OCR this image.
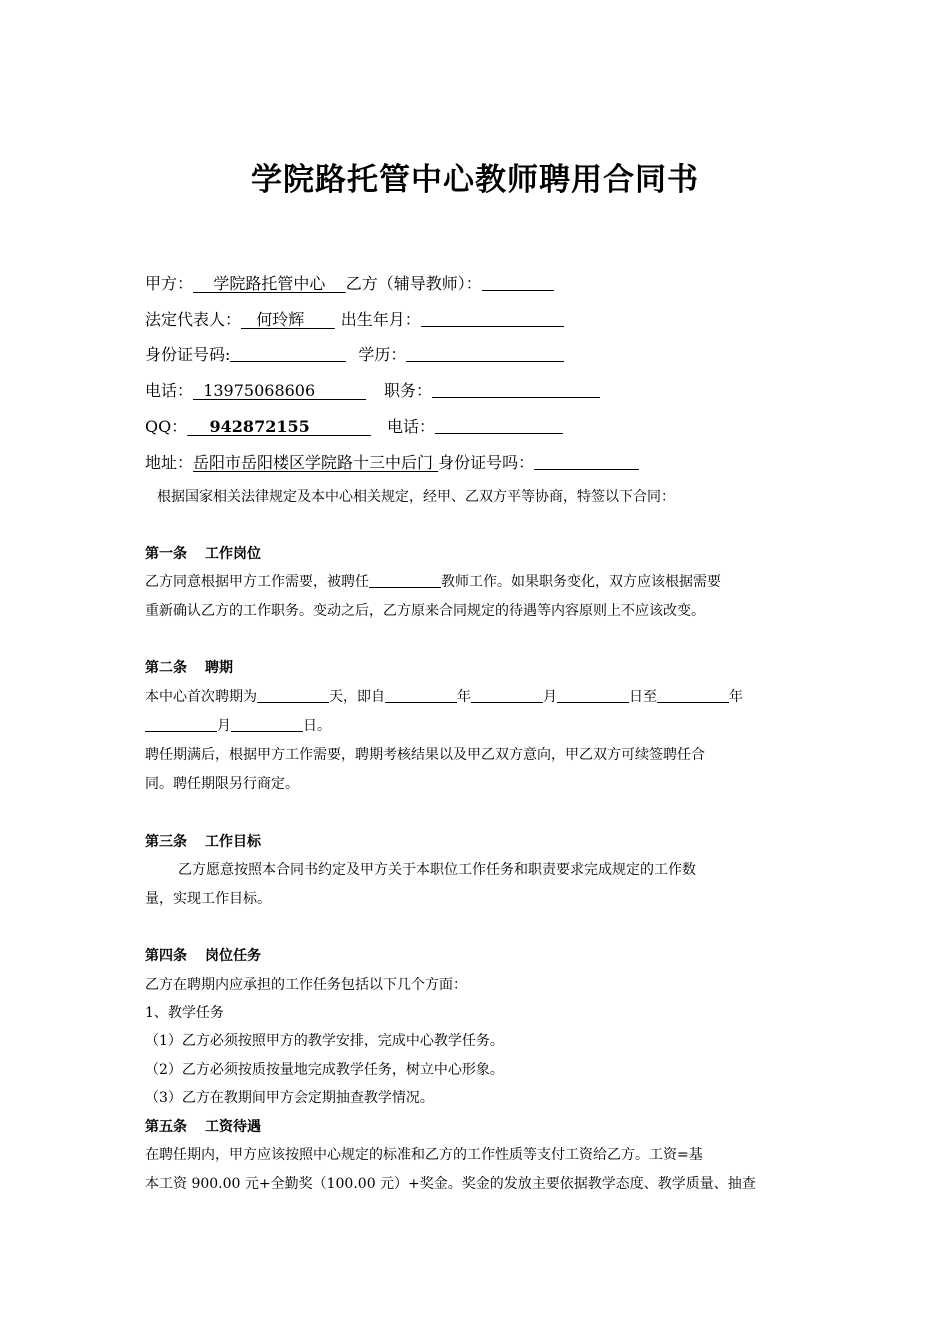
学院路托管中心教师聘用合同书
甲方：    学院路托管中心    乙方（辅导教师）：
法定代表人：   何玲辉      出生年月：
身份证号码:	学历：
电话：  13975068606          职务：
QQ：    942872155           电话：
地址：岳阳市岳阳楼区学院路十三中后门 身份证号吗：
根据国家相关法律规定及本中心相关规定，经甲、乙双方平等协商，特签以下合同：
第一条 工作岗位
乙方同意根据甲方工作需要，被聘任	教师工作。如果职务变化，双方应该根据需要
重新确认乙方的工作职务。变动之后，乙方原来合同规定的待遇等内容原则上不应该改变。
第二条 聘期
本中心首次聘期为	天，即自	年	月	日至	年
月	日。
聘任期满后，根据甲方工作需要，聘期考核结果以及甲乙双方意向，甲乙双方可续签聘任合
同。聘任期限另行商定。
第三条 工作目标
乙方愿意按照本合同书约定及甲方关于本职位工作任务和职责要求完成规定的工作数
量，实现工作目标。
第四条 岗位任务
乙方在聘期内应承担的工作任务包括以下几个方面：
1、教学任务
（1）乙方必须按照甲方的教学安排，完成中心教学任务。
（2）乙方必须按质按量地完成教学任务，树立中心形象。
（3）乙方在教期间甲方会定期抽查教学情况。
第五条 工资待遇
在聘任期内，甲方应该按照中心规定的标准和乙方的工作性质等支付工资给乙方。工资=基
本工资 900.00 元+全勤奖（100.00 元）+奖金。奖金的发放主要依据教学态度、教学质量、抽查
